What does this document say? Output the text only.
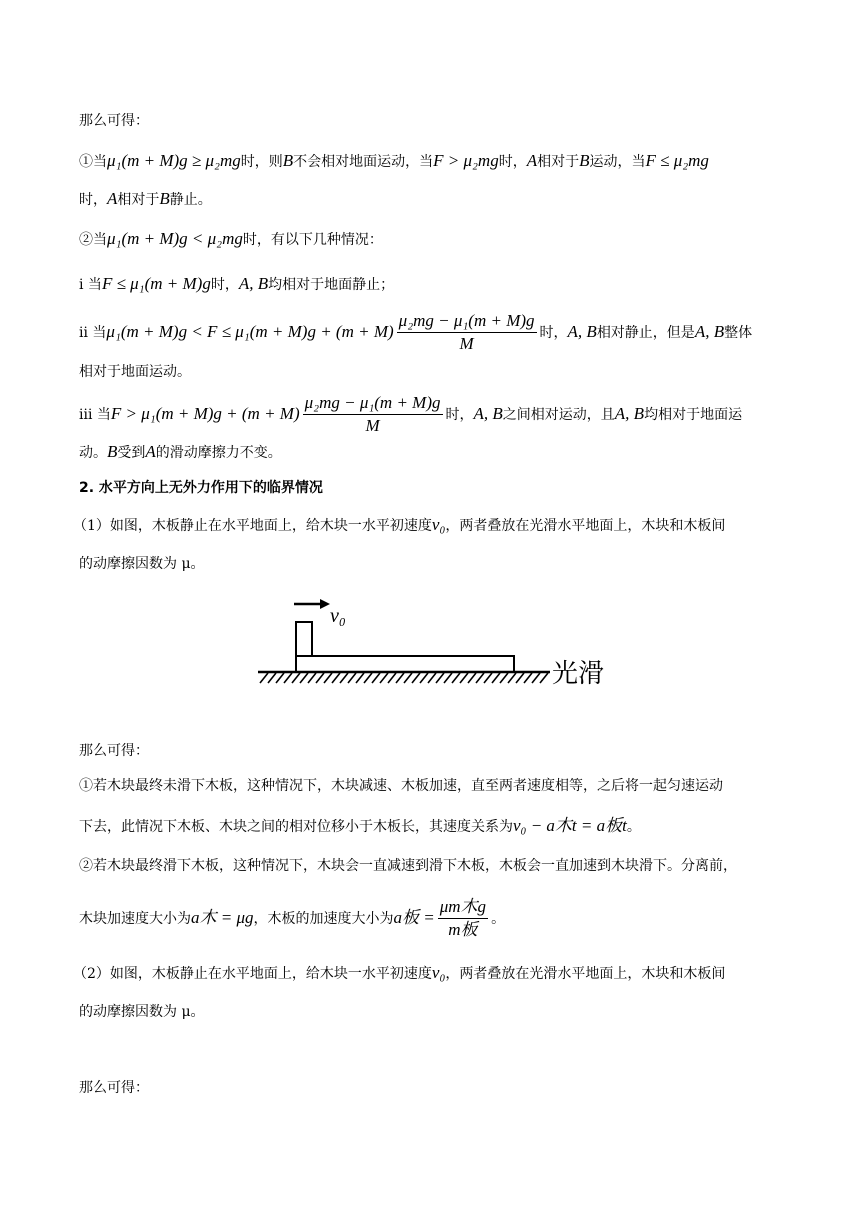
那么可得：
①当μ₁(m + M)g ≥ μ₂mg时，则B不会相对地面运动，当F > μ₂mg时，A相对于B运动，当F ≤ μ₂mg
时，A相对于B静止。
②当μ₁(m + M)g < μ₂mg时，有以下几种情况：
ⅰ 当F ≤ μ₁(m + M)g时，A, B均相对于地面静止；
ⅱ 当$\mu_1(m + M)g < F \le \mu_1(m + M)g + (m + M) \frac{\text{μ₂mg − μ₁(m + M)g}}{M}$ 时，A, B相对静止，但是A, B整体
相对于地面运动。
ⅲ 当$F > \mu_1(m + M)g + (m + M) \frac{\text{μ₂mg − μ₁(m + M)g}}{M}$ 时，A, B之间相对运动，且A, B均相对于地面运
动。B受到A的滑动摩擦力不变。
2. 水平方向上无外力作用下的临界情况
（1）如图，木板静止在水平地面上，给木块一水平初速度v₀，两者叠放在光滑水平地面上，木块和木板间
的动摩擦因数为 μ。
v₀
光滑
那么可得：
①若木块最终未滑下木板，这种情况下，木块减速、木板加速，直至两者速度相等，之后将一起匀速运动
下去，此情况下木板、木块之间的相对位移小于木板长，其速度关系为v₀ − a木t = a板t。
②若木块最终滑下木板，这种情况下，木块会一直减速到滑下木板，木板会一直加速到木块滑下。分离前，
木块加速度大小为a木 = μg，木板的加速度大小为a板 = $\frac{\text{μm木g}}{\text{m板}}$ 。
（2）如图，木板静止在水平地面上，给木块一水平初速度v₀，两者叠放在光滑水平地面上，木块和木板间
的动摩擦因数为 μ。
那么可得：
